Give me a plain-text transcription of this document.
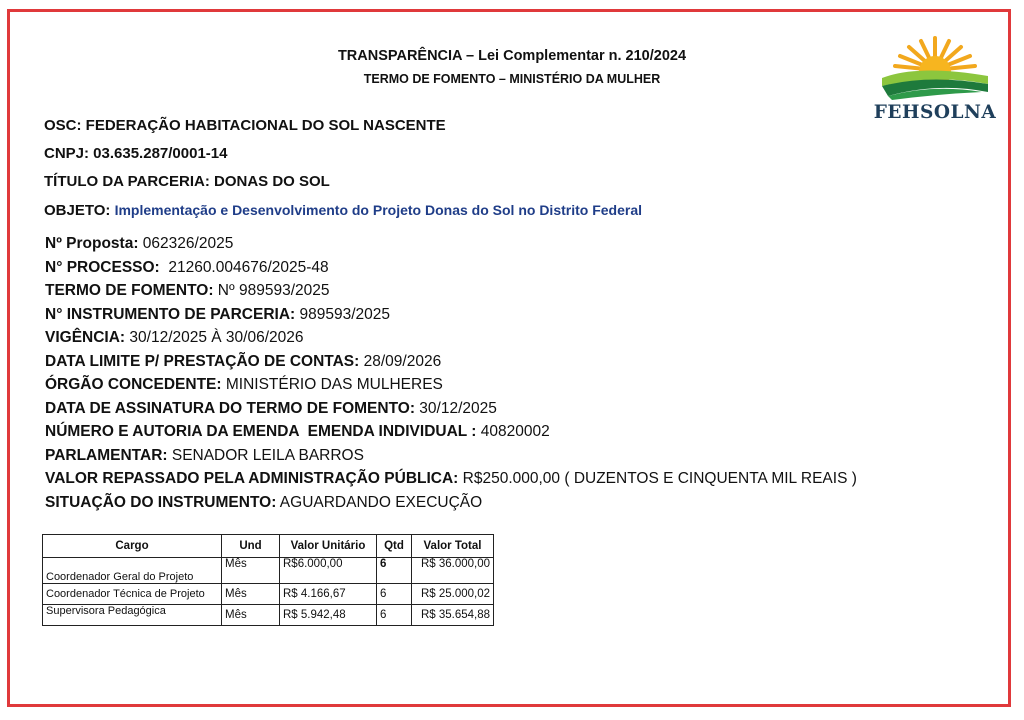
TRANSPARÊNCIA – Lei Complementar n. 210/2024
TERMO DE FOMENTO – MINISTÉRIO DA MULHER
FEHSOLNA
OSC: FEDERAÇÃO HABITACIONAL DO SOL NASCENTE
CNPJ: 03.635.287/0001-14
TÍTULO DA PARCERIA: DONAS DO SOL
OBJETO: Implementação e Desenvolvimento do Projeto Donas do Sol no Distrito Federal
Nº Proposta: 062326/2025
N° PROCESSO:  21260.004676/2025-48
TERMO DE FOMENTO: Nº 989593/2025
N° INSTRUMENTO DE PARCERIA: 989593/2025
VIGÊNCIA: 30/12/2025 À 30/06/2026
DATA LIMITE P/ PRESTAÇÃO DE CONTAS: 28/09/2026
ÓRGÃO CONCEDENTE: MINISTÉRIO DAS MULHERES
DATA DE ASSINATURA DO TERMO DE FOMENTO: 30/12/2025
NÚMERO E AUTORIA DA EMENDA  EMENDA INDIVIDUAL : 40820002
PARLAMENTAR: SENADOR LEILA BARROS
VALOR REPASSADO PELA ADMINISTRAÇÃO PÚBLICA: R$250.000,00 ( DUZENTOS E CINQUENTA MIL REAIS )
SITUAÇÃO DO INSTRUMENTO: AGUARDANDO EXECUÇÃO
Cargo	Und	Valor Unitário	Qtd	Valor Total
Coordenador Geral do Projeto	Mês	R$6.000,00	6	R$ 36.000,00
Coordenador Técnica de Projeto	Mês	R$ 4.166,67	6	R$ 25.000,02
Supervisora Pedagógica	Mês	R$ 5.942,48	6	R$ 35.654,88
